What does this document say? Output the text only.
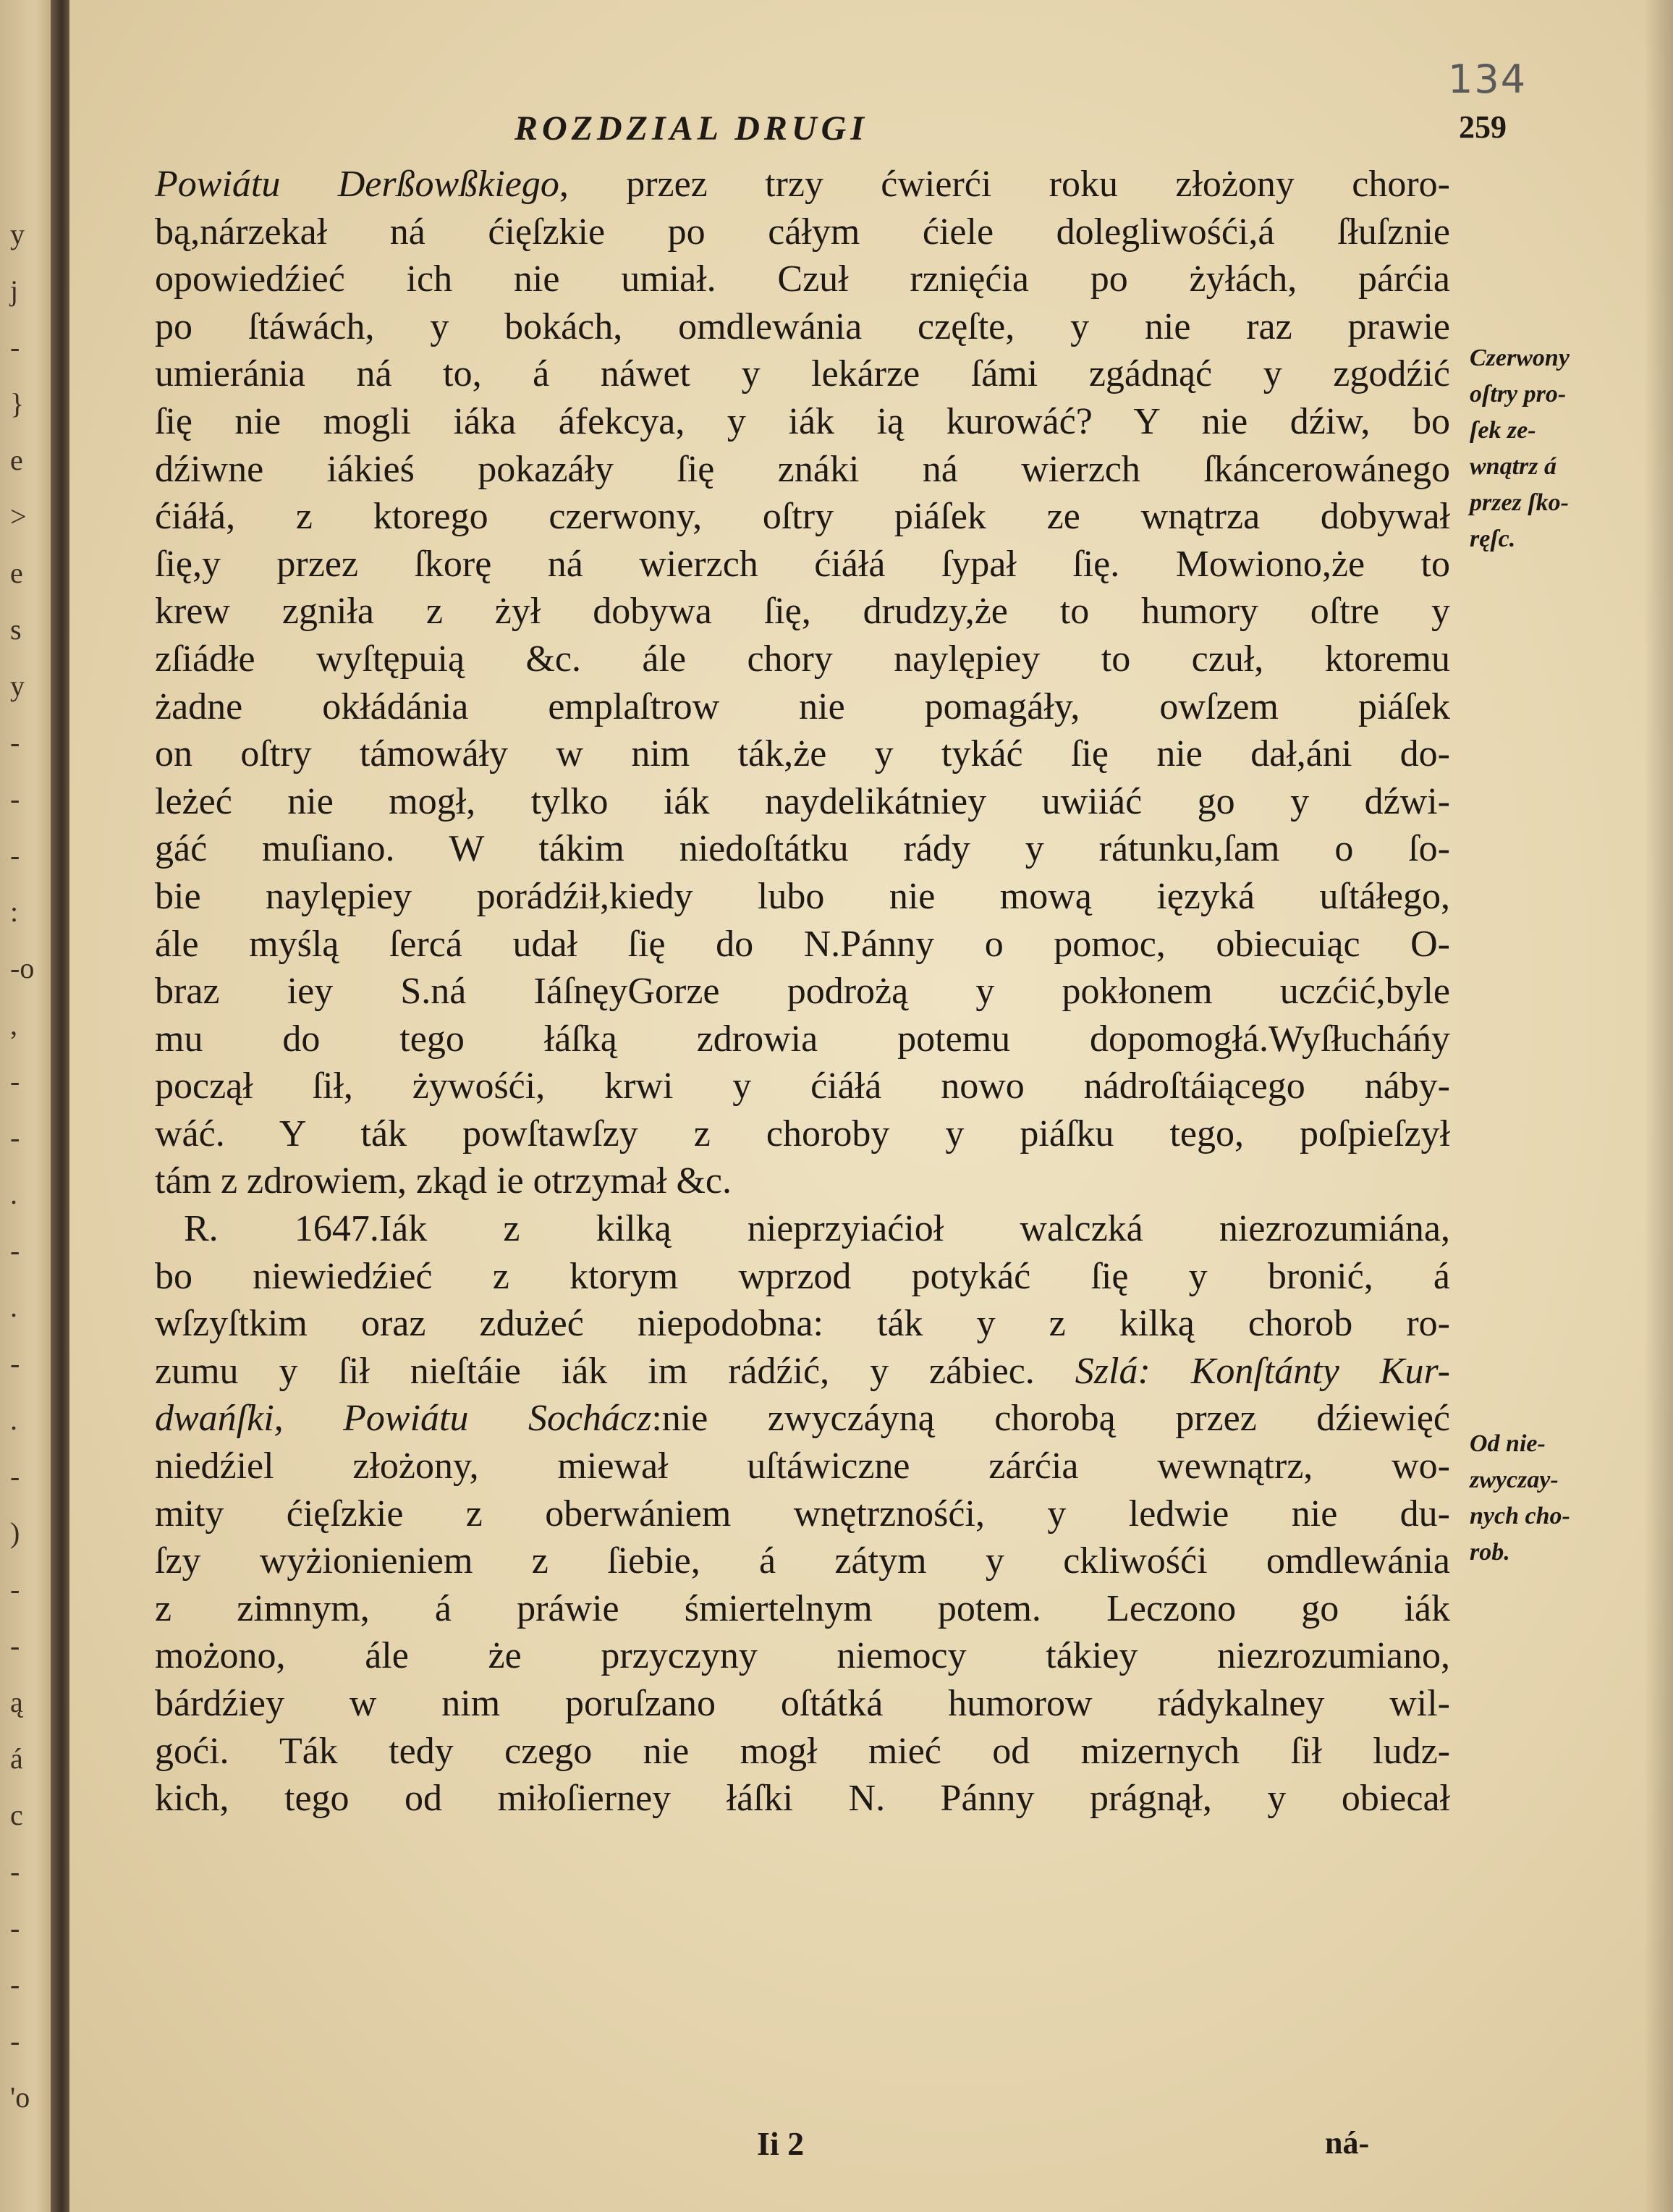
y
j
-
}
e
>
e
s
y
-
-
-
:
-o
,
-
-
.
-
.
-
.
-
)
-
-
ą
á
c
-
-
-
-
'o
134
ROZDZIAL DRUGI	259
Powiátu Derßowßkiego, przez trzy ćwierći roku złożony choro-
bą,nárzekał ná ćięſzkie po cáłym ćiele dolegliwośći,á ſłuſznie
opowiedźieć ich nie umiał. Czuł rznięćia po żyłách, párćia
po ſtáwách, y bokách, omdlewánia częſte, y nie raz prawie
umieránia ná to, á náwet y lekárze ſámi zgádnąć y zgodźić
ſię nie mogli iáka áfekcya, y iák ią kurowáć? Y nie dźiw, bo
dźiwne iákieś pokazáły ſię znáki ná wierzch ſkáncerowánego
ćiáłá, z ktorego czerwony, oſtry piáſek ze wnątrza dobywał
ſię,y przez ſkorę ná wierzch ćiáłá ſypał ſię. Mowiono,że to
krew zgniła z żył dobywa ſię, drudzy,że to humory oſtre y
zſiádłe wyſtępuią &c. ále chory naylępiey to czuł, ktoremu
żadne okłádánia emplaſtrow nie pomagáły, owſzem piáſek
on oſtry támowáły w nim ták,że y tykáć ſię nie dał,áni do-
leżeć nie mogł, tylko iák naydelikátniey uwiiáć go y dźwi-
gáć muſiano. W tákim niedoſtátku rády y rátunku,ſam o ſo-
bie naylępiey porádźił,kiedy lubo nie mową ięzyká uſtáłego,
ále myślą ſercá udał ſię do N.Pánny o pomoc, obiecuiąc O-
braz iey S.ná IáſnęyGorze podrożą y pokłonem uczćić,byle
mu do tego łáſką zdrowia potemu dopomogłá.Wyſłucháńy
począł ſił, żywośći, krwi y ćiáłá nowo nádroſtáiącego náby-
wáć. Y ták powſtawſzy z choroby y piáſku tego, poſpieſzył
tám z zdrowiem, zkąd ie otrzymał &c.
R. 1647.Iák z kilką nieprzyiaćioł walczká niezrozumiána,
bo niewiedźieć z ktorym wprzod potykáć ſię y bronić, á
wſzyſtkim oraz zdużeć niepodobna: ták y z kilką chorob ro-
zumu y ſił nieſtáie iák im rádźić, y zábiec. Szlá: Konſtánty Kur-
dwańſki, Powiátu Sochácz:nie zwyczáyną chorobą przez dźiewięć
niedźiel złożony, miewał uſtáwiczne zárćia wewnątrz, wo-
mity ćięſzkie z oberwániem wnętrznośći, y ledwie nie du-
ſzy wyżionieniem z ſiebie, á zátym y ckliwośći omdlewánia
z zimnym, á práwie śmiertelnym potem. Leczono go iák
możono, ále że przyczyny niemocy tákiey niezrozumiano,
bárdźiey w nim poruſzano oſtátká humorow rádykalney wil-
goći. Ták tedy czego nie mogł mieć od mizernych ſił ludz-
kich, tego od miłoſierney łáſki N. Pánny prágnął, y obiecał
Czerwony
oſtry pro-
ſek ze-
wnątrz á
przez ſko-
ręſc.
Od nie-
zwyczay-
nych cho-
rob.
Ii 2	ná-
